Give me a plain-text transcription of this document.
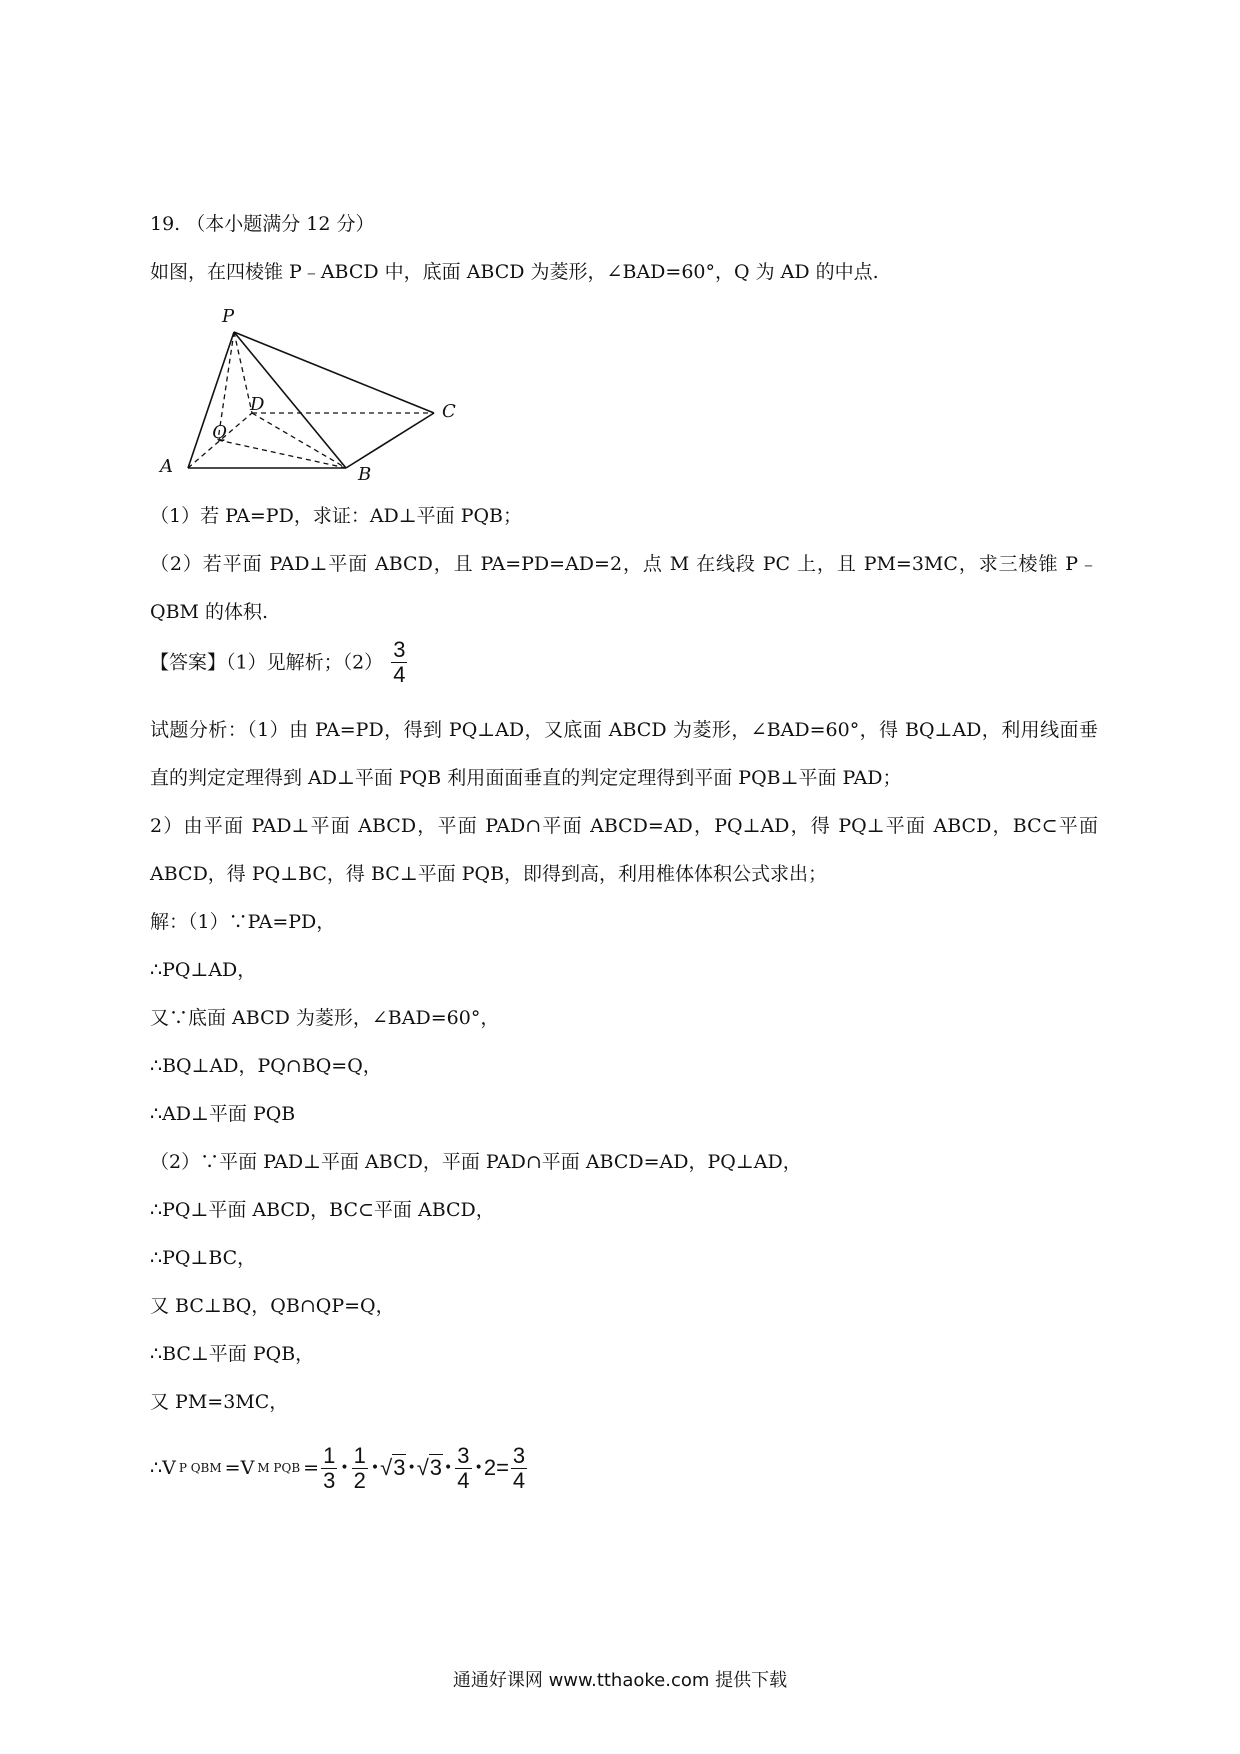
19. （本小题满分 12 分）
如图，在四棱锥 P﹣ABCD 中，底面 ABCD 为菱形，∠BAD=60°，Q 为 AD 的中点.
P
D	C
Q
A	B
（1）若 PA=PD，求证：AD⊥平面 PQB；
（2）若平面 PAD⊥平面 ABCD，且 PA=PD=AD=2，点 M 在线段 PC 上，且 PM=3MC，求三棱锥 P﹣QBM 的体积.
【答案】（1）见解析；$(2) \frac{3}{4}$
试题分析：（1）由 PA=PD，得到 PQ⊥AD，又底面 ABCD 为菱形，∠BAD=60°，得 BQ⊥AD，利用线面垂直的判定定理得到 AD⊥平面 PQB 利用面面垂直的判定定理得到平面 PQB⊥平面 PAD；
2）由平面 PAD⊥平面 ABCD，平面 PAD∩平面 ABCD=AD，PQ⊥AD，得 PQ⊥平面 ABCD，BC⊂平面 ABCD，得 PQ⊥BC，得 BC⊥平面 PQB，即得到高，利用椎体体积公式求出；
解：（1）∵PA=PD，
∴PQ⊥AD，
又∵底面 ABCD 为菱形，∠BAD=60°，
∴BQ⊥AD，PQ∩BQ=Q，
∴AD⊥平面 PQB
（2）∵平面 PAD⊥平面 ABCD，平面 PAD∩平面 ABCD=AD，PQ⊥AD，
∴PQ⊥平面 ABCD，BC⊂平面 ABCD，
∴PQ⊥BC，
又 BC⊥BQ，QB∩QP=Q，
∴BC⊥平面 PQB，
又 PM=3MC，
∴V P QBM =V M PQB = $\frac{1}{3}$ • $\frac{1}{2}$ • √3 • √3 • $\frac{3}{4}$ • $2 = \frac{3}{4}$
通通好课网 www.tthaoke.com 提供下载
